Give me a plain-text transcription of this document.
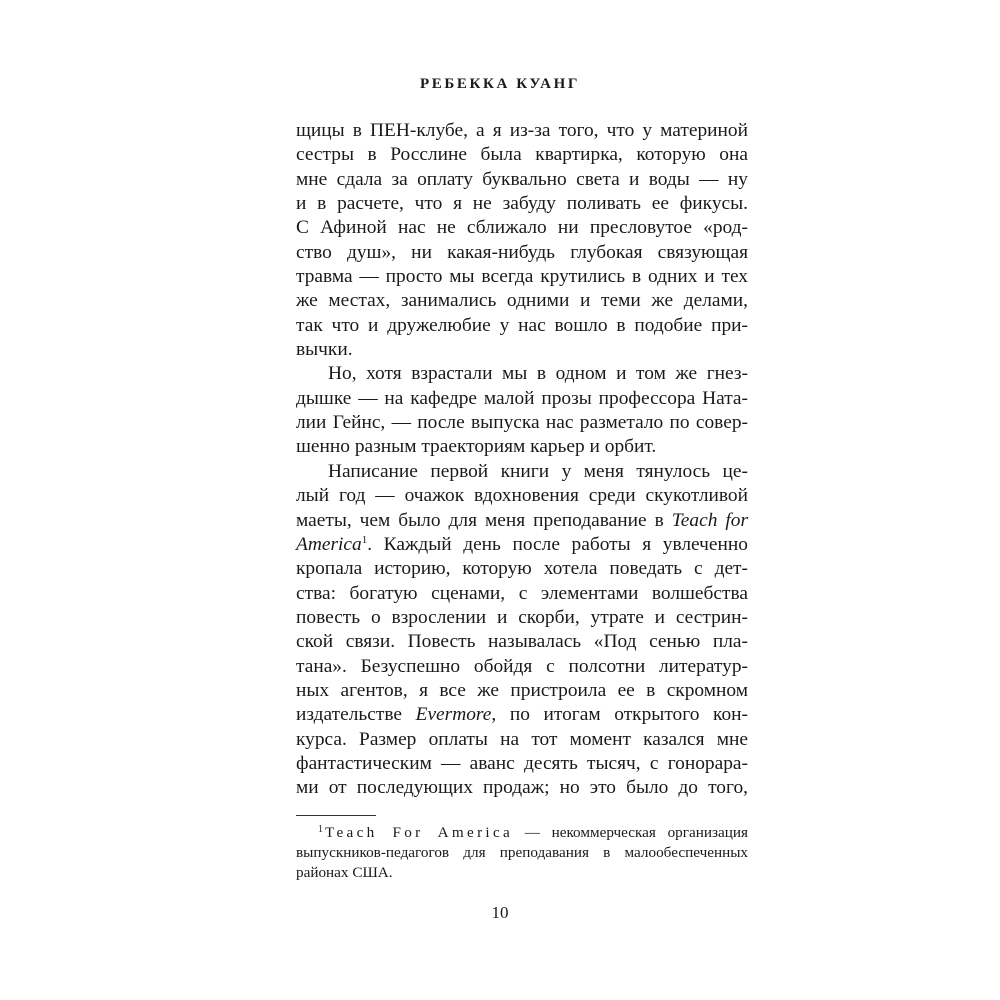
РЕБЕККА КУАНГ
щицы в ПЕН-клубе, а я из-за того, что у материной
сестры в Росслине была квартирка, которую она
мне сдала за оплату буквально света и воды — ну
и в расчете, что я не забуду поливать ее фикусы.
С Афиной нас не сближало ни пресловутое «род-
ство душ», ни какая-нибудь глубокая связующая
травма — просто мы всегда крутились в одних и тех
же местах, занимались одними и теми же делами,
так что и дружелюбие у нас вошло в подобие при-
вычки.
Но, хотя взрастали мы в одном и том же гнез-
дышке — на кафедре малой прозы профессора Ната-
лии Гейнс, — после выпуска нас разметало по совер-
шенно разным траекториям карьер и орбит.
Написание первой книги у меня тянулось це-
лый год — очажок вдохновения среди скукотливой
маеты, чем было для меня преподавание в Teach for
America$^1$. Каждый день после работы я увлеченно
кропала историю, которую хотела поведать с дет-
ства: богатую сценами, с элементами волшебства
повесть о взрослении и скорби, утрате и сестрин-
ской связи. Повесть называлась «Под сенью пла-
тана». Безуспешно обойдя с полсотни литератур-
ных агентов, я все же пристроила ее в скромном
издательстве Evermore, по итогам открытого кон-
курса. Размер оплаты на тот момент казался мне
фантастическим — аванс десять тысяч, с гонорара-
ми от последующих продаж; но это было до того,
$^1$ Teach For America — некоммерческая организация
выпускников-педагогов для преподавания в малообеспеченных
районах США.
10
